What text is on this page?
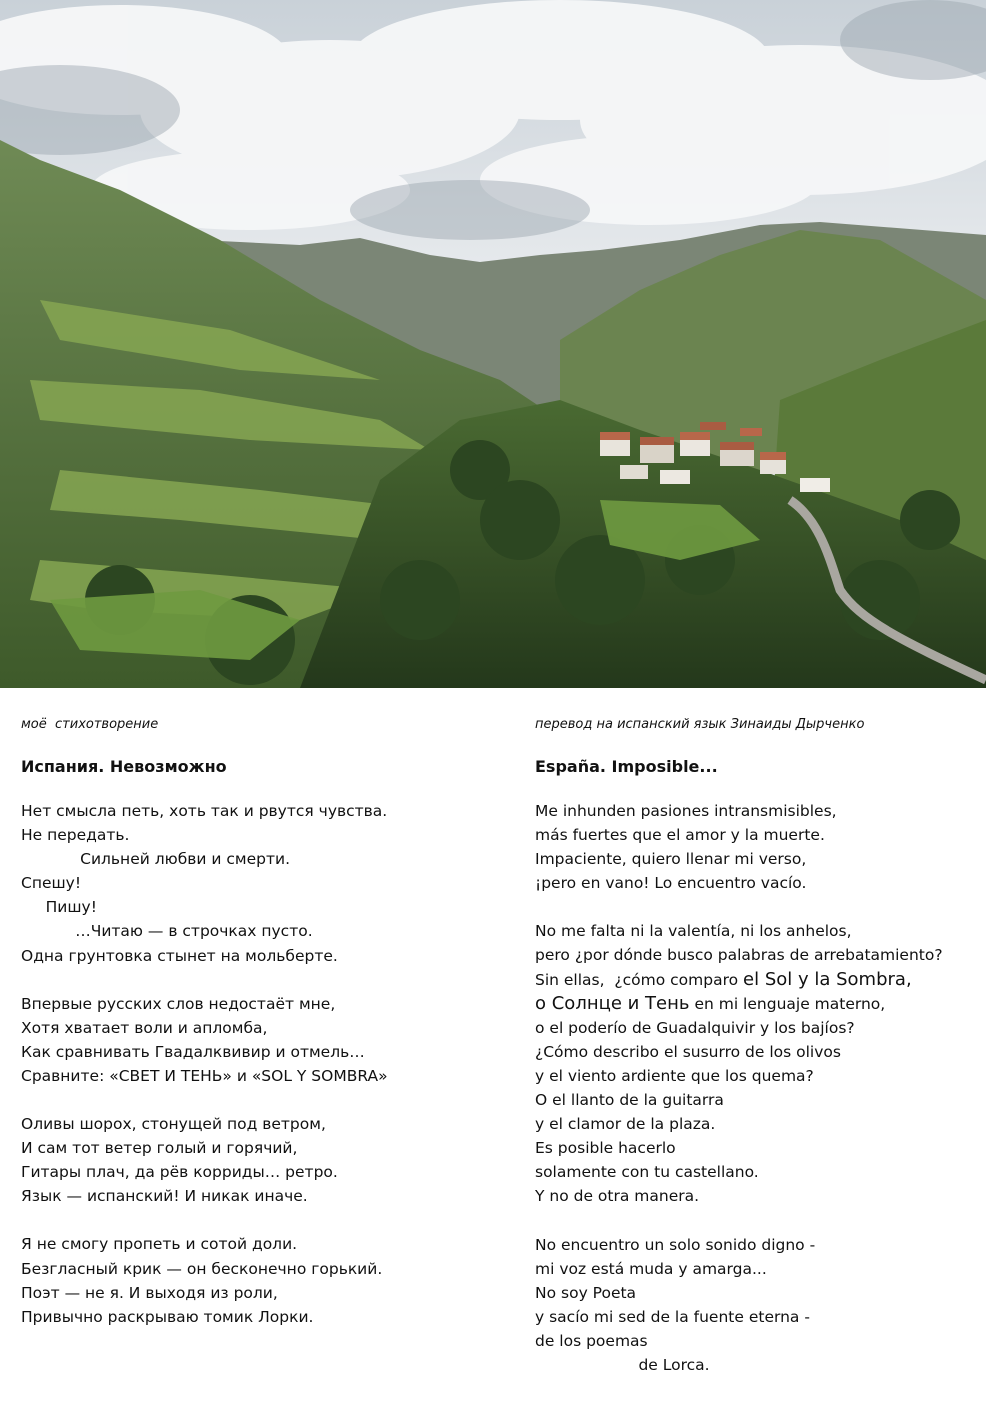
моё  стихотворение

Испания. Невозможно

Нет смысла петь, хоть так и рвутся чувства.
Не передать.
Сильней любви и смерти.
Спешу!
Пишу!
…Читаю — в строчках пусто.
Одна грунтовка стынет на мольберте.
Впервые русских слов недостаёт мне,
Хотя хватает воли и апломба,
Как сравнивать Гвадалквивир и отмель…
Сравните: «СВЕТ И ТЕНЬ» и «SOL Y SOMBRA»
Оливы шорох, стонущей под ветром,
И сам тот ветер голый и горячий,
Гитары плач, да рёв корриды… ретро.
Язык — испанский! И никак иначе.
Я не смогу пропеть и сотой доли.
Безгласный крик — он бесконечно горький.
Поэт — не я. И выходя из роли,
Привычно раскрываю томик Лорки.

перевод на испанский язык Зинаиды Дырченко

España. Imposible...

Me inhunden pasiones intransmisibles,
más fuertes que el amor y la muerte.
Impaciente, quiero llenar mi verso,
¡pero en vano! Lo encuentro vacío.
No me falta ni la valentía, ni los anhelos,
pero ¿por dónde busco palabras de arrebatamiento?
Sin ellas,  ¿cómo comparo el Sol y la Sombra,
o Солнце и Тень en mi lenguaje materno,
o el poderío de Guadalquivir y los bajíos?
¿Cómo describo el susurro de los olivos
y el viento ardiente que los quema?
O el llanto de la guitarra
y el clamor de la plaza.
Es posible hacerlo
solamente con tu castellano.
Y no de otra manera.
No encuentro un solo sonido digno -
mi voz está muda y amarga...
No soy Poeta
y sacío mi sed de la fuente eterna -
de los poemas
de Lorca.
